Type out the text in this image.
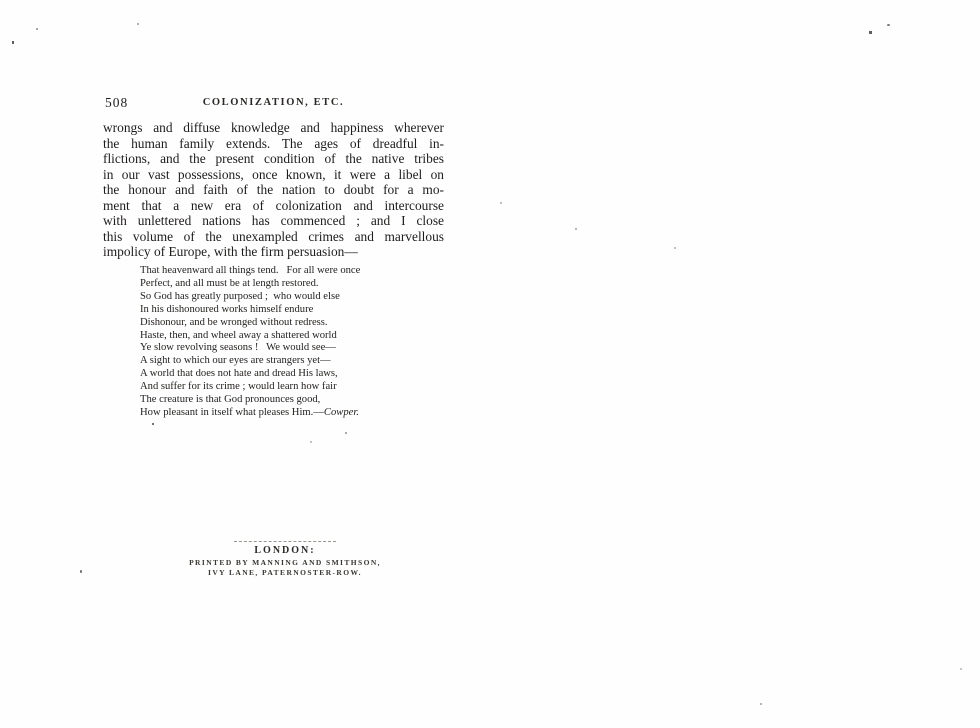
508	COLONIZATION, ETC.
wrongs and diffuse knowledge and happiness wherever
the human family extends. The ages of dreadful in-
flictions, and the present condition of the native tribes
in our vast possessions, once known, it were a libel on
the honour and faith of the nation to doubt for a mo-
ment that a new era of colonization and intercourse
with unlettered nations has commenced ; and I close
this volume of the unexampled crimes and marvellous
impolicy of Europe, with the firm persuasion—
That heavenward all things tend.   For all were once
Perfect, and all must be at length restored.
So God has greatly purposed ;  who would else
In his dishonoured works himself endure
Dishonour, and be wronged without redress.
Haste, then, and wheel away a shattered world
Ye slow revolving seasons !   We would see—
A sight to which our eyes are strangers yet—
A world that does not hate and dread His laws,
And suffer for its crime ; would learn how fair
The creature is that God pronounces good,
How pleasant in itself what pleases Him.—Cowper.
LONDON:
PRINTED BY MANNING AND SMITHSON,
IVY LANE, PATERNOSTER-ROW.
